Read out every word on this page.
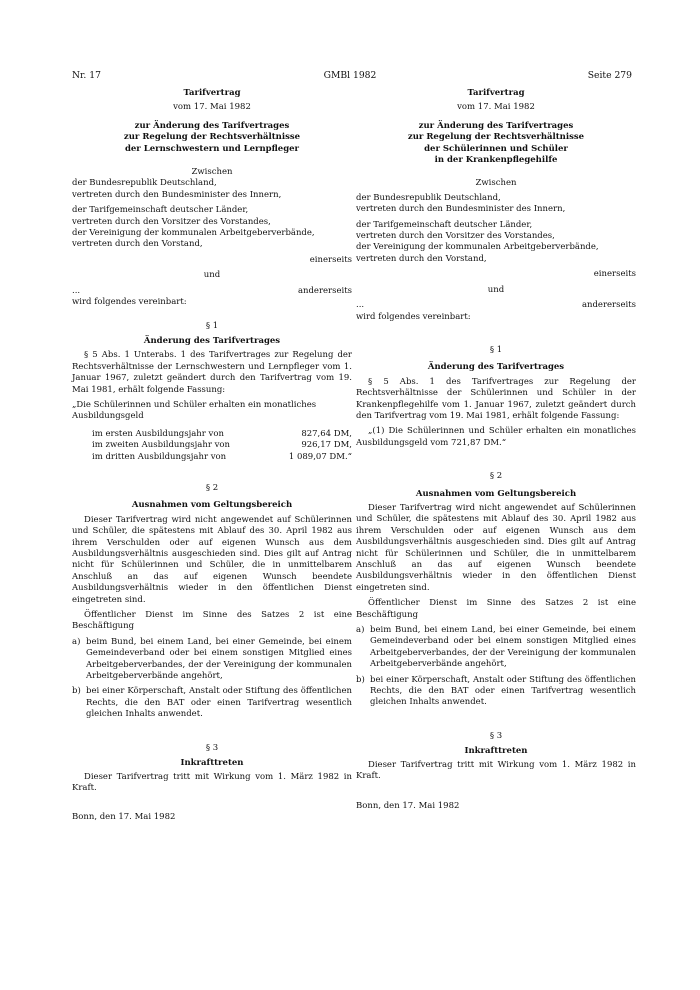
Nr. 17	GMBl 1982	Seite 279

Tarifvertrag

vom 17. Mai 1982

zur Änderung des Tarifvertrages

zur Regelung der Rechtsverhältnisse

der Lernschwestern und Lernpfleger

Zwischen

der Bundesrepublik Deutschland,

vertreten durch den Bundesminister des Innern,

der Tarifgemeinschaft deutscher Länder,

vertreten durch den Vorsitzer des Vorstandes,

der Vereinigung der kommunalen Arbeitgeberverbände,

vertreten durch den Vorstand,

einerseits

und

...	andererseits

wird folgendes vereinbart:

§ 1

Änderung des Tarifvertrages

§ 5 Abs. 1 Unterabs. 1 des Tarifvertrages zur Regelung der Rechtsverhältnisse der Lernschwestern und Lernpfleger vom 1. Januar 1967, zuletzt geändert durch den Tarifvertrag vom 19. Mai 1981, erhält folgende Fassung:

„Die Schülerinnen und Schüler erhalten ein monatliches Ausbildungsgeld

im ersten Ausbildungsjahr von	827,64 DM,
im zweiten Ausbildungsjahr von	926,17 DM,
im dritten Ausbildungsjahr von	1 089,07 DM.“

§ 2

Ausnahmen vom Geltungsbereich

Dieser Tarifvertrag wird nicht angewendet auf Schülerinnen und Schüler, die spätestens mit Ablauf des 30. April 1982 aus ihrem Verschulden oder auf eigenen Wunsch aus dem Ausbildungsverhältnis ausgeschieden sind. Dies gilt auf Antrag nicht für Schülerinnen und Schüler, die in unmittelbarem Anschluß an das auf eigenen Wunsch beendete Ausbildungsverhältnis wieder in den öffentlichen Dienst eingetreten sind.

Öffentlicher Dienst im Sinne des Satzes 2 ist eine Beschäftigung

a) beim Bund, bei einem Land, bei einer Gemeinde, bei einem Gemeindeverband oder bei einem sonstigen Mitglied eines Arbeitgeberverbandes, der der Vereinigung der kommunalen Arbeitgeberverbände angehört,
b) bei einer Körperschaft, Anstalt oder Stiftung des öffentlichen Rechts, die den BAT oder einen Tarifvertrag wesentlich gleichen Inhalts anwendet.

§ 3

Inkrafttreten

Dieser Tarifvertrag tritt mit Wirkung vom 1. März 1982 in Kraft.

Bonn, den 17. Mai 1982

Tarifvertrag

vom 17. Mai 1982

zur Änderung des Tarifvertrages

zur Regelung der Rechtsverhältnisse

der Schülerinnen und Schüler

in der Krankenpflegehilfe

Zwischen

der Bundesrepublik Deutschland,

vertreten durch den Bundesminister des Innern,

der Tarifgemeinschaft deutscher Länder,

vertreten durch den Vorsitzer des Vorstandes,

der Vereinigung der kommunalen Arbeitgeberverbände,

vertreten durch den Vorstand,

einerseits

und

...	andererseits

wird folgendes vereinbart:

§ 1

Änderung des Tarifvertrages

§ 5 Abs. 1 des Tarifvertrages zur Regelung der Rechtsverhältnisse der Schülerinnen und Schüler in der Krankenpflegehilfe vom 1. Januar 1967, zuletzt geändert durch den Tarifvertrag vom 19. Mai 1981, erhält folgende Fassung:

„(1) Die Schülerinnen und Schüler erhalten ein monatliches Ausbildungsgeld vom 721,87 DM.“

§ 2

Ausnahmen vom Geltungsbereich

Dieser Tarifvertrag wird nicht angewendet auf Schülerinnen und Schüler, die spätestens mit Ablauf des 30. April 1982 aus ihrem Verschulden oder auf eigenen Wunsch aus dem Ausbildungsverhältnis ausgeschieden sind. Dies gilt auf Antrag nicht für Schülerinnen und Schüler, die in unmittelbarem Anschluß an das auf eigenen Wunsch beendete Ausbildungsverhältnis wieder in den öffentlichen Dienst eingetreten sind.

Öffentlicher Dienst im Sinne des Satzes 2 ist eine Beschäftigung

a) beim Bund, bei einem Land, bei einer Gemeinde, bei einem Gemeindeverband oder bei einem sonstigen Mitglied eines Arbeitgeberverbandes, der der Vereinigung der kommunalen Arbeitgeberverbände angehört,
b) bei einer Körperschaft, Anstalt oder Stiftung des öffentlichen Rechts, die den BAT oder einen Tarifvertrag wesentlich gleichen Inhalts anwendet.

§ 3

Inkrafttreten

Dieser Tarifvertrag tritt mit Wirkung vom 1. März 1982 in Kraft.

Bonn, den 17. Mai 1982
